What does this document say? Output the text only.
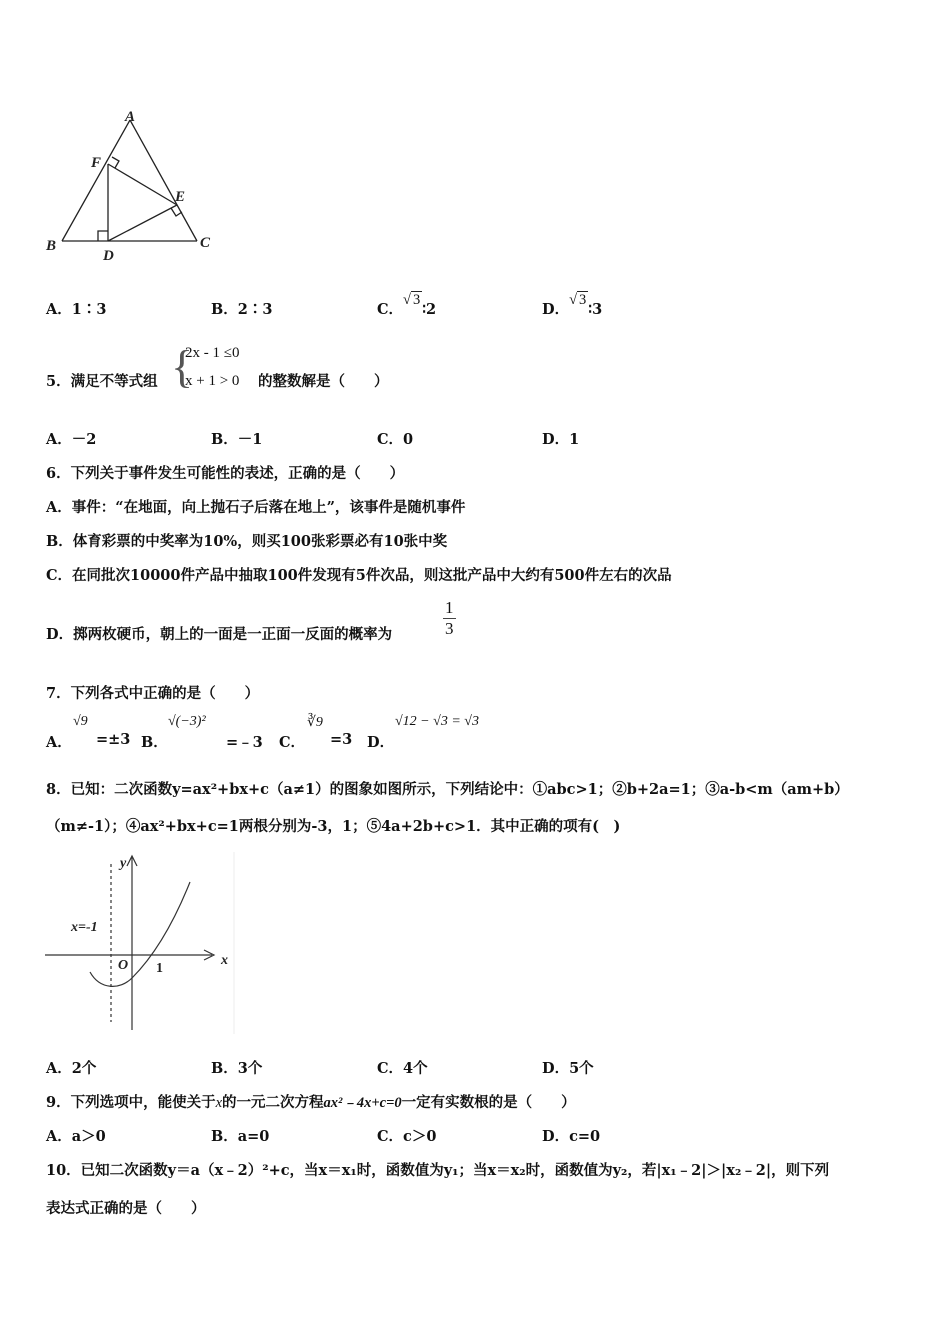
A
B	C
D
E
F
A．1∶3	B．2∶3	C．√ 3∶2	D．√ 3∶3
5．满足不等式组 {
2x - 1 ≤0
x + 1 > 0 的整数解是（　　）
A．－2	B．－1	C．0	D．1
6．下列关于事件发生可能性的表述，正确的是（　　）
A．事件：“在地面，向上抛石子后落在地上”，该事件是随机事件
B．体育彩票的中奖率为10%，则买100张彩票必有10张中奖
C．在同批次10000件产品中抽取100件发现有5件次品，则这批产品中大约有500件左右的次品
D．掷两枚硬币，朝上的一面是一正面一反面的概率为	$\frac{1}{3}$
7．下列各式中正确的是（　　）
A．
√9
=±3 B．
√(−3)²
=﹣3 C．
∛9
=3 D．
√12 − √3 = √3
8．已知：二次函数y=ax²+bx+c（a≠1）的图象如图所示，下列结论中：①abc>1；②b+2a=1；③a-b<m（am+b）
（m≠-1）；④ax²+bx+c=1两根分别为-3，1；⑤4a+2b+c>1．其中正确的项有(　)
x=-1
O	x
y
1
A．2个	B．3个	C．4个	D．5个
9．下列选项中，能使关于x的一元二次方程ax²﹣4x+c=0一定有实数根的是（　　）
A．a＞0	B．a=0	C．c＞0	D．c=0
10．已知二次函数y＝a（x﹣2）²+c，当x＝x₁时，函数值为y₁；当x＝x₂时，函数值为y₂，若|x₁﹣2|＞|x₂﹣2|，则下列
表达式正确的是（　　）
